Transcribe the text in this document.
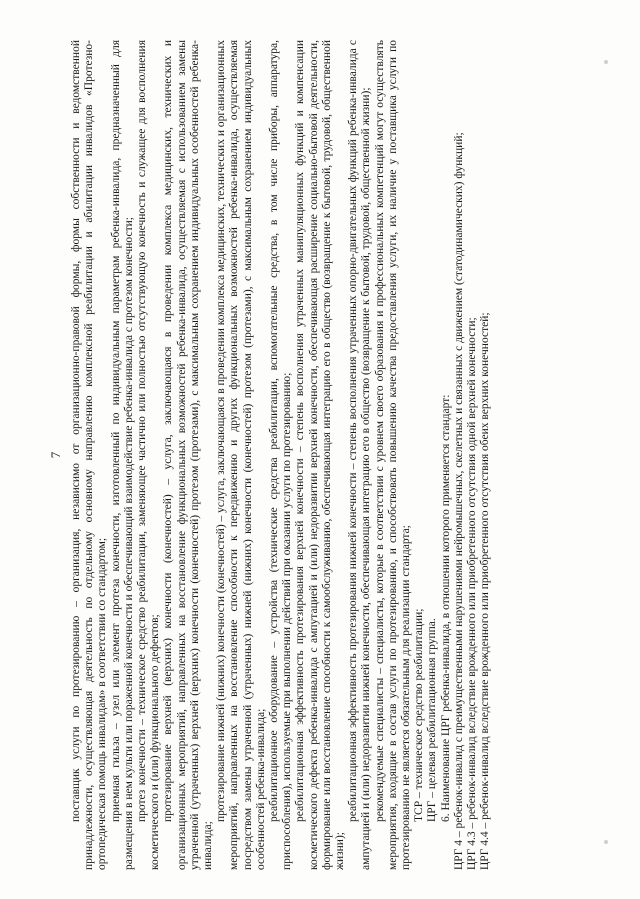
7 поставщик услуги по протезированию – организация, независимо от организационно-правовой формы, формы собственности и ведомственной принадлежности, осуществляющая деятельность по отдельному основному направлению комплексной реабилитации и абилитации инвалидов «Протезно-ортопедическая помощь инвалидам» в соответствии со стандартом; приемная гильза – узел или элемент протеза конечности, изготовленный по индивидуальным параметрам ребенка-инвалида, предназначенный для размещения в нем культи или пораженной конечности и обеспечивающий взаимодействие ребенка-инвалида с протезом конечности; протез конечности – техническое средство реабилитации, заменяющее частично или полностью отсутствующую конечность и служащее для восполнения косметического и (или) функционального дефектов; протезирование верхней (верхних) конечности (конечностей) – услуга, заключающаяся в проведении комплекса медицинских, технических и организационных мероприятий, направленных на восстановление функциональных возможностей ребенка-инвалида, осуществляемая с использованием замены утраченной (утраченных) верхней (верхних) конечности (конечностей) протезом (протезами), с максимальным сохранением индивидуальных особенностей ребенка-инвалида;

протезирование нижней (нижних) конечности (конечностей) – услуга, заключающаяся в проведении комплекса медицинских, технических и организационных мероприятий, направленных на восстановление способности к передвижению и других функциональных возможностей ребенка-инвалида, осуществляемая посредством замены утраченной (утраченных) нижней (нижних) конечности (конечностей) протезом (протезами), с максимальным сохранением индивидуальных особенностей ребенка-инвалида; реабилитационное оборудование – устройства (технические средства реабилитации, вспомогательные средства, в том числе приборы, аппаратура, приспособления), используемые при выполнении действий при оказании услуги по протезированию; реабилитационная эффективность протезирования верхней конечности – степень восполнения утраченных манипуляционных функций и компенсации косметического дефекта ребенка-инвалида с ампутацией и (или) недоразвитии верхней конечности, обеспечивающая расширение социально-бытовой деятельности, формирование или восстановление способности к самообслуживанию, обеспечивающая интеграцию его в общество (возвращение к бытовой, трудовой, общественной жизни);

реабилитационная эффективность протезирования нижней конечности – степень восполнения утраченных опорно-двигательных функций ребенка-инвалида с ампутацией и (или) недоразвитии нижней конечности, обеспечивающая интеграцию его в общество (возвращение к бытовой, трудовой, общественной жизни); рекомендуемые специалисты – специалисты, которые в соответствии с уровнем своего образования и профессиональных компетенций могут осуществлять мероприятия, входящие в состав услуги по протезированию, и способствовать повышению качества предоставления услуги, их наличие у поставщика услуги по протезированию не является обязательным для реализации стандарта; ТСР – техническое средство реабилитации; ЦРГ – целевая реабилитационная группа. 6. Наименование ЦРГ ребенка-инвалида, в отношении которого применяется стандарт: ЦРГ 4 – ребенок-инвалид с преимущественными нарушениями нейромышечных, скелетных и связанных с движением (статодинамических) функций; ЦРГ 4.3 – ребенок-инвалид вследствие врожденного или приобретенного отсутствия одной верхней конечности; ЦРГ 4.4 – ребенок-инвалид вследствие врожденного или приобретенного отсутствия обеих верхних конечностей;
